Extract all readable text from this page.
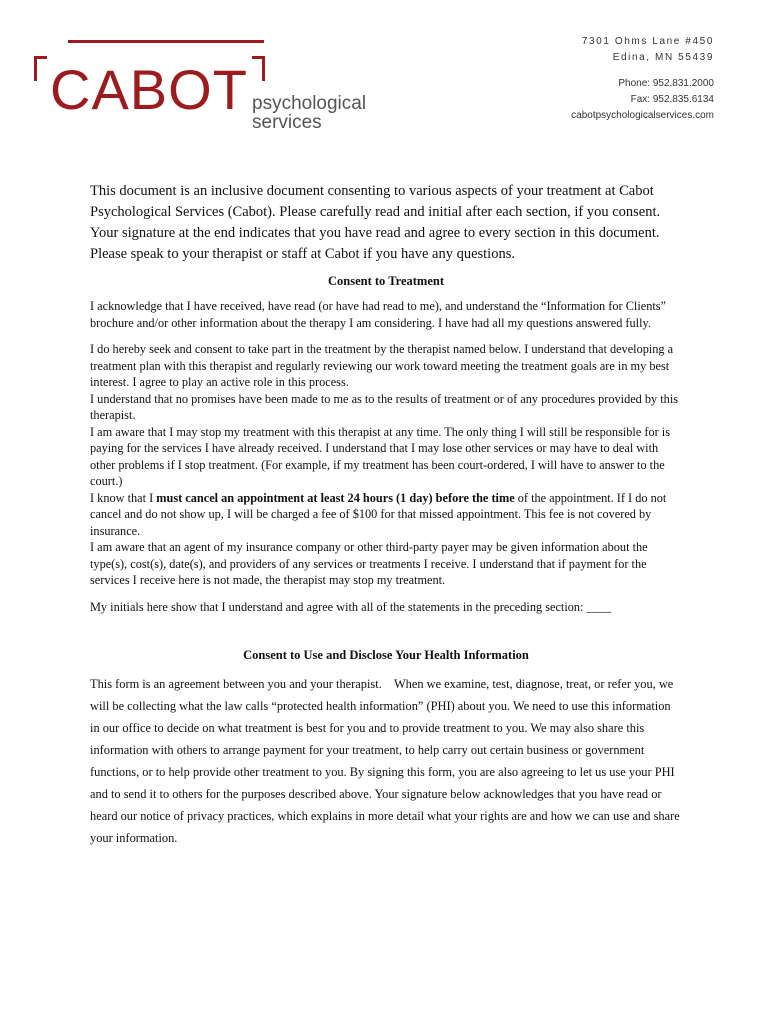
CABOT psychological services
7301 Ohms Lane #450
Edina, MN 55439
Phone: 952.831.2000
Fax: 952.835.6134
cabotpsychologicalservices.com

This document is an inclusive document consenting to various aspects of your treatment at Cabot Psychological Services (Cabot). Please carefully read and initial after each section, if you consent. Your signature at the end indicates that you have read and agree to every section in this document. Please speak to your therapist or staff at Cabot if you have any questions.

Consent to Treatment

I acknowledge that I have received, have read (or have had read to me), and understand the “Information for Clients” brochure and/or other information about the therapy I am considering. I have had all my questions answered fully.

I do hereby seek and consent to take part in the treatment by the therapist named below. I understand that developing a treatment plan with this therapist and regularly reviewing our work toward meeting the treatment goals are in my best interest. I agree to play an active role in this process.

I understand that no promises have been made to me as to the results of treatment or of any procedures provided by this therapist.

I am aware that I may stop my treatment with this therapist at any time. The only thing I will still be responsible for is paying for the services I have already received. I understand that I may lose other services or may have to deal with other problems if I stop treatment. (For example, if my treatment has been court-ordered, I will have to answer to the court.)

I know that I must cancel an appointment at least 24 hours (1 day) before the time of the appointment. If I do not cancel and do not show up, I will be charged a fee of $100 for that missed appointment. This fee is not covered by insurance.

I am aware that an agent of my insurance company or other third-party payer may be given information about the type(s), cost(s), date(s), and providers of any services or treatments I receive. I understand that if payment for the services I receive here is not made, the therapist may stop my treatment.

My initials here show that I understand and agree with all of the statements in the preceding section: ____

Consent to Use and Disclose Your Health Information

This form is an agreement between you and your therapist.    When we examine, test, diagnose, treat, or refer you, we will be collecting what the law calls “protected health information” (PHI) about you. We need to use this information in our office to decide on what treatment is best for you and to provide treatment to you. We may also share this information with others to arrange payment for your treatment, to help carry out certain business or government functions, or to help provide other treatment to you. By signing this form, you are also agreeing to let us use your PHI and to send it to others for the purposes described above. Your signature below acknowledges that you have read or heard our notice of privacy practices, which explains in more detail what your rights are and how we can use and share your information.
